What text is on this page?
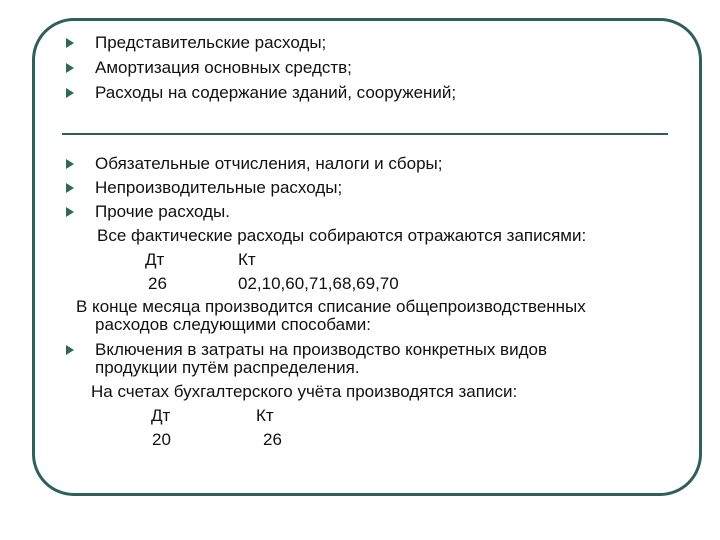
Представительские расходы;
Амортизация основных средств;
Расходы на содержание зданий, сооружений;
Обязательные отчисления, налоги и сборы;
Непроизводительные расходы;
Прочие расходы.
Все фактические расходы собираются отражаются записями:
Дт	Кт
26	02,10,60,71,68,69,70
В конце месяца производится списание общепроизводственных
расходов следующими способами:
Включения в затраты на производство конкретных видов
продукции путём распределения.
На счетах бухгалтерского учёта производятся записи:
Дт	Кт
20	26
